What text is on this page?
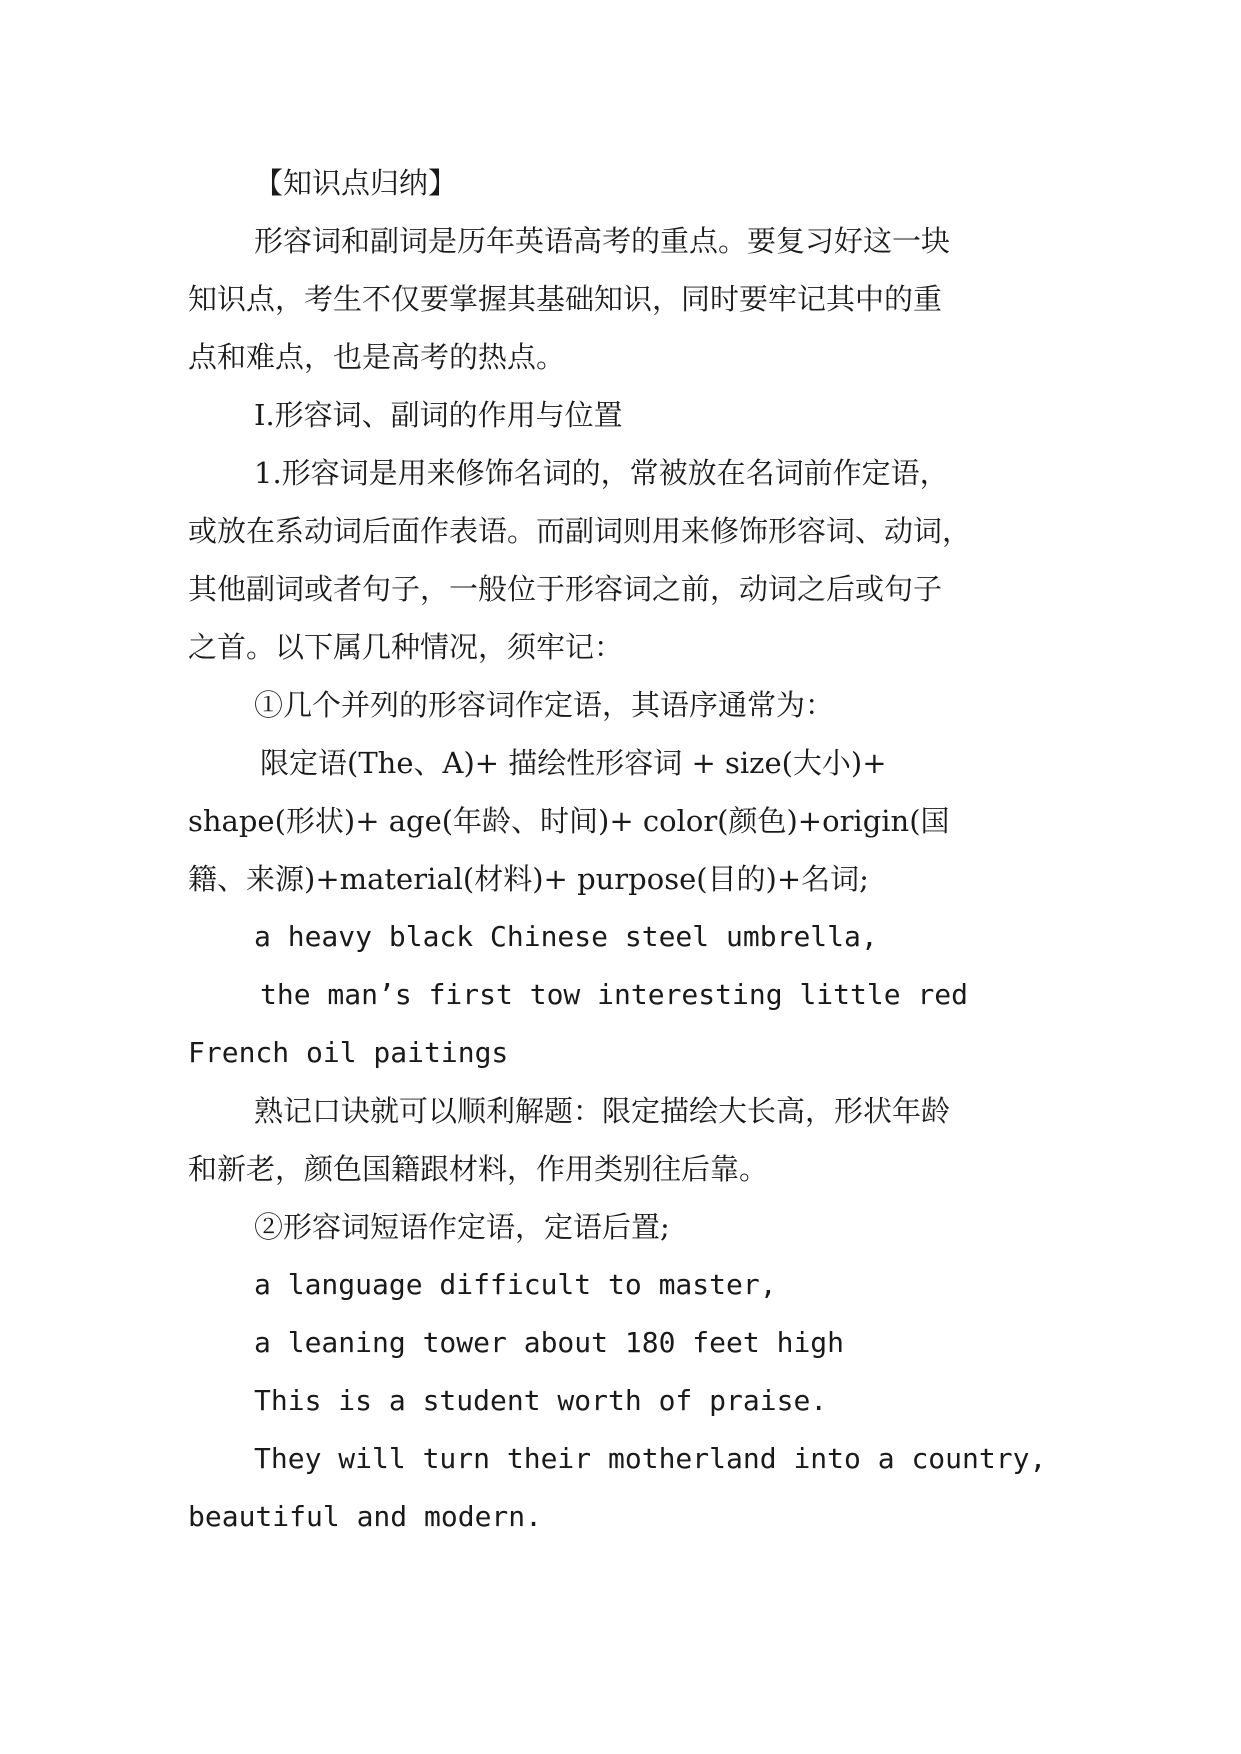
【知识点归纳】
形容词和副词是历年英语高考的重点。要复习好这一块
知识点，考生不仅要掌握其基础知识，同时要牢记其中的重
点和难点，也是高考的热点。
I.形容词、副词的作用与位置
1.形容词是用来修饰名词的，常被放在名词前作定语，
或放在系动词后面作表语。而副词则用来修饰形容词、动词，
其他副词或者句子，一般位于形容词之前，动词之后或句子
之首。以下属几种情况，须牢记：
①几个并列的形容词作定语，其语序通常为：
限定语(The、A)+ 描绘性形容词 + size(大小)+
shape(形状)+ age(年龄、时间)+ color(颜色)+origin(国
籍、来源)+material(材料)+ purpose(目的)+名词;
a heavy black Chinese steel umbrella,
the man’s first tow interesting little red
French oil paitings
熟记口诀就可以顺利解题：限定描绘大长高，形状年龄
和新老，颜色国籍跟材料，作用类别往后靠。
②形容词短语作定语，定语后置;
a language difficult to master,
a leaning tower about 180 feet high
This is a student worth of praise.
They will turn their motherland into a country,
beautiful and modern.
